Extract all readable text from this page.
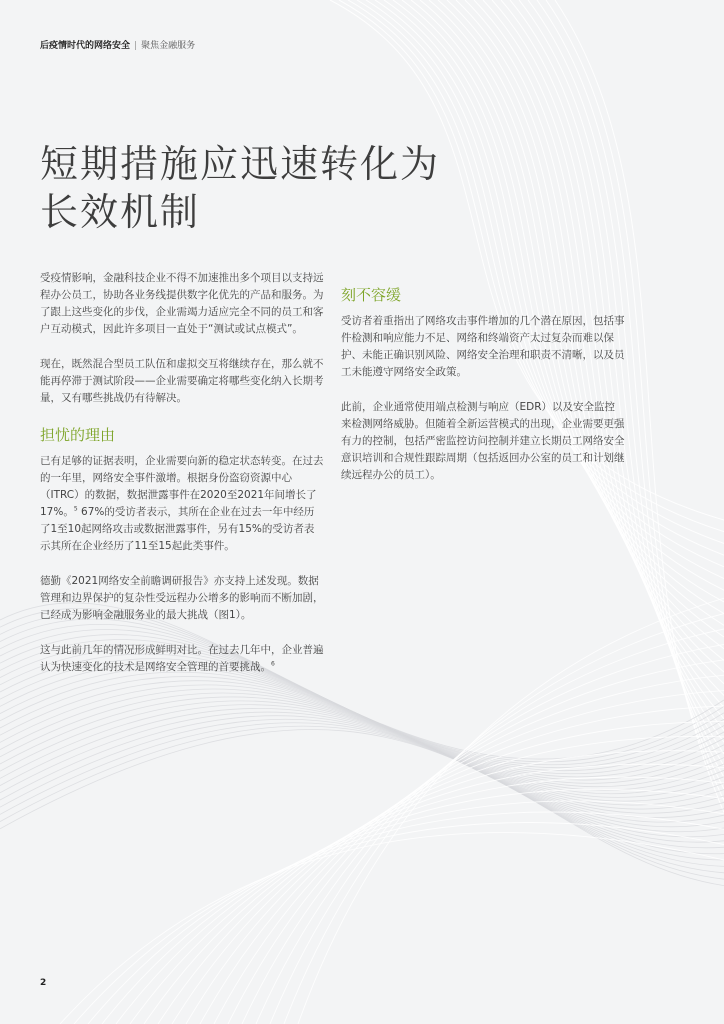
后疫情时代的网络安全 | 聚焦金融服务
短期措施应迅速转化为
长效机制

受疫情影响，金融科技企业不得不加速推出多个项目以支持远程办公员工，协助各业务线提供数字化优先的产品和服务。为了跟上这些变化的步伐，企业需竭力适应完全不同的员工和客户互动模式，因此许多项目一直处于“测试或试点模式”。

现在，既然混合型员工队伍和虚拟交互将继续存在，那么就不能再停滞于测试阶段——企业需要确定将哪些变化纳入长期考量，又有哪些挑战仍有待解决。

担忧的理由

已有足够的证据表明，企业需要向新的稳定状态转变。在过去的一年里，网络安全事件激增。根据身份盗窃资源中心（ITRC）的数据，数据泄露事件在2020至2021年间增长了17%。$^5$ 67%的受访者表示，其所在企业在过去一年中经历了1至10起网络攻击或数据泄露事件，另有15%的受访者表示其所在企业经历了11至15起此类事件。

德勤《2021网络安全前瞻调研报告》亦支持上述发现。数据管理和边界保护的复杂性受远程办公增多的影响而不断加剧，已经成为影响金融服务业的最大挑战（图1）。

这与此前几年的情况形成鲜明对比。在过去几年中，企业普遍认为快速变化的技术是网络安全管理的首要挑战。$^6$

刻不容缓

受访者着重指出了网络攻击事件增加的几个潜在原因，包括事件检测和响应能力不足、网络和终端资产太过复杂而难以保护、未能正确识别风险、网络安全治理和职责不清晰，以及员工未能遵守网络安全政策。

此前，企业通常使用端点检测与响应（EDR）以及安全监控来检测网络威胁。但随着全新运营模式的出现，企业需要更强有力的控制，包括严密监控访问控制并建立长期员工网络安全意识培训和合规性跟踪周期（包括返回办公室的员工和计划继续远程办公的员工）。

2
